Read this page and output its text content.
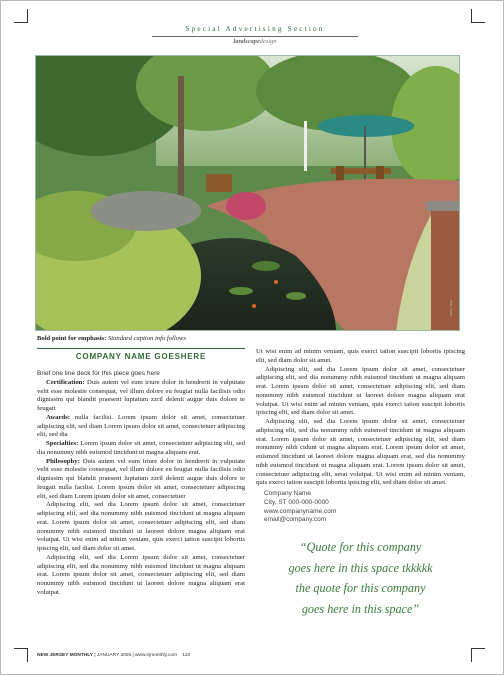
Special Advertising Section
landscapedesign
Photo: Ivan
Bold point for emphasis: Standard caption info follows
COMPANY NAME GOESHERE

Brief one line deck for this piece goes here

Certification: Duis autem vel eum iriure dolor in hendrerit in vulputate velit esse molestie consequat, vel illum dolore eu feugiat nulla facilisis odio dignissim qui blandit praesent luptatum zzril delenit augue duis dolore te feugait

Awards: nulla facilisi. Lorem ipsum dolor sit amet, consectetuer adipiscing elit, sed diam Lorem ipsum dolor sit amet, consectetuer adipiscing elit, sed dia

Specialties: Lorem ipsum dolor sit amet, consectetuer adipiscing elit, sed dia nonummy nibh euismod tincidunt ut magna aliquam erat.

Philosophy: Duis autem vel eum iriure dolor in hendrerit in vulputate velit esse molestie consequat, vel illum dolore eu feugiat nulla facilisis odio dignissim qui blandit praesent luptatum zzril delenit augue duis dolore te feugait nulla facilisi. Lorem ipsum dolor sit amet, consectetuer adipiscing elit, sed diam Lorem ipsum dolor sit amet, consectetuer

Adipiscing elit, sed dia Lorem ipsum dolor sit amet, consectetuer adipiscing elit, sed dia nonummy nibh euismod tincidunt ut magna aliquam erat. Lorem ipsum dolor sit amet, consectetuer adipiscing elit, sed diam nonummy nibh euismod tincidunt ut laoreet dolore magna aliquam erat volutpat. Ut wisi enim ad minim veniam, quis exerci tation suscipit lobortis ipiscing elit, sed diam dolor sit amet.

Adipiscing elit, sed dia Lorem ipsum dolor sit amet, consectetuer adipiscing elit, sed dia nonummy nibh euismod tincidunt ut magna aliquam erat. Lorem ipsum dolor sit amet, consectetuer adipiscing elit, sed diam nonummy nibh euismod tincidunt ut laoreet dolore magna aliquam erat volutpat.

Ut wisi enim ad minim veniam, quis exerci tation suscipit lobortis ipiscing elit, sed diam dolor sit amet.

Adipiscing elit, sed dia Lorem ipsum dolor sit amet, consectetuer adipiscing elit, sed dia nonummy nibh euismod tincidunt ut magna aliquam erat. Lorem ipsum dolor sit amet, consectetuer adipiscing elit, sed diam nonummy nibh euismod tincidunt ut laoreet dolore magna aliquam erat volutpat. Ut wisi enim ad minim veniam, quis exerci tation suscipit lobortis ipiscing elit, sed diam dolor sit amet.

Adipiscing elit, sed dia Lorem ipsum dolor sit amet, consectetuer adipiscing elit, sed dia nonummy nibh euismod tincidunt ut magna aliquam erat. Lorem ipsum dolor sit amet, consectetuer adipiscing elit, sed diam nonummy nibh cidunt ut magna aliquam erat. Lorem ipsum dolor sit amet, euismod tincidunt ut laoreet dolore magna aliquam erat, sed dia nonummy nibh euismod tincidunt ut magna aliquam erat. Lorem ipsum dolor sit amet, consectetuer adipiscing elit, serat volutpat. Ut wisi enim ad minim veniam, quis exerci tation suscipit lobortis ipiscing elit, sed diam dolor sit amet.

Company Name
City, ST 000-000-0000
www.companyname.com
email@company.com
“Quote for this company
goes here in this space tkkkkk
the quote for this company
goes here in this space”
NEW JERSEY MONTHLY | JANUARY 2005 | www.njmonthly.com 113
